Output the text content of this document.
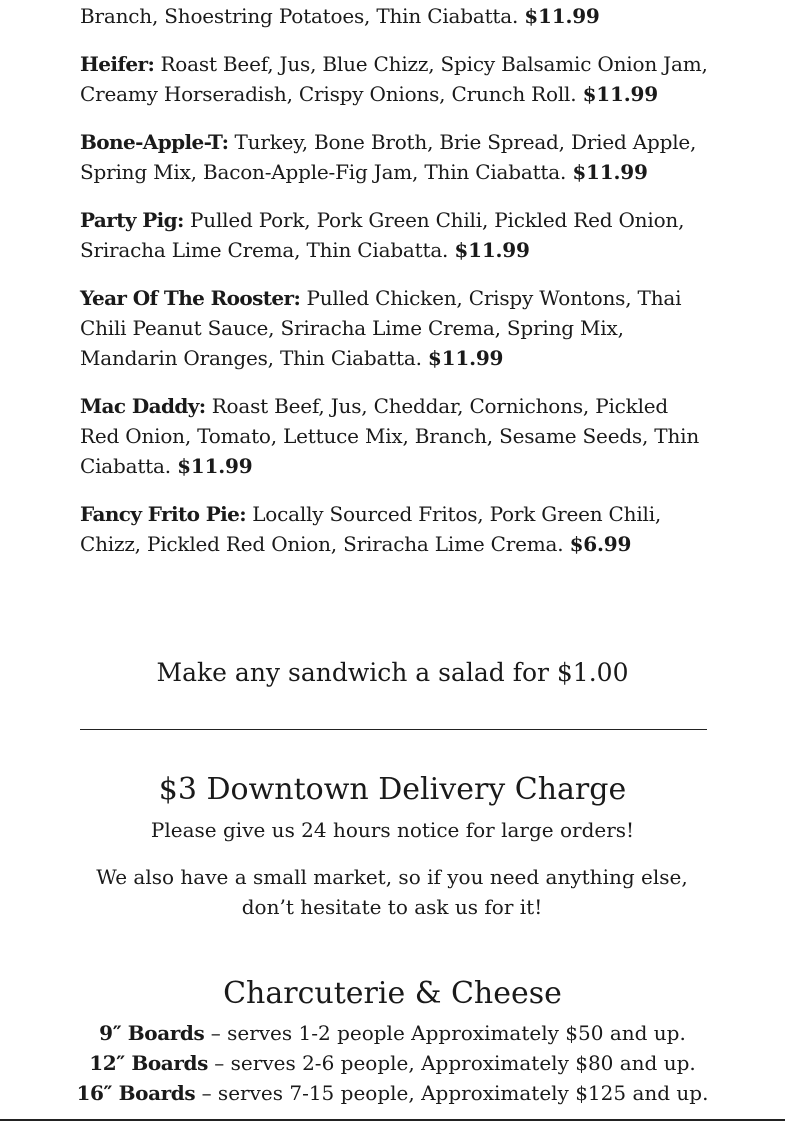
Branch, Shoestring Potatoes, Thin Ciabatta. $11.99

Heifer: Roast Beef, Jus, Blue Chizz, Spicy Balsamic Onion Jam, Creamy Horseradish, Crispy Onions, Crunch Roll. $11.99

Bone-Apple-T: Turkey, Bone Broth, Brie Spread, Dried Apple, Spring Mix, Bacon-Apple-Fig Jam, Thin Ciabatta. $11.99

Party Pig: Pulled Pork, Pork Green Chili, Pickled Red Onion, Sriracha Lime Crema, Thin Ciabatta. $11.99

Year Of The Rooster: Pulled Chicken, Crispy Wontons, Thai Chili Peanut Sauce, Sriracha Lime Crema, Spring Mix, Mandarin Oranges, Thin Ciabatta. $11.99

Mac Daddy: Roast Beef, Jus, Cheddar, Cornichons, Pickled Red Onion, Tomato, Lettuce Mix, Branch, Sesame Seeds, Thin Ciabatta. $11.99

Fancy Frito Pie: Locally Sourced Fritos, Pork Green Chili, Chizz, Pickled Red Onion, Sriracha Lime Crema. $6.99

Make any sandwich a salad for $1.00
$3 Downtown Delivery Charge
Please give us 24 hours notice for large orders!
We also have a small market, so if you need anything else, don’t hesitate to ask us for it!
Charcuterie & Cheese
9″ Boards – serves 1-2 people Approximately $50 and up.
12″ Boards – serves 2-6 people, Approximately $80 and up.
16″ Boards – serves 7-15 people, Approximately $125 and up.
